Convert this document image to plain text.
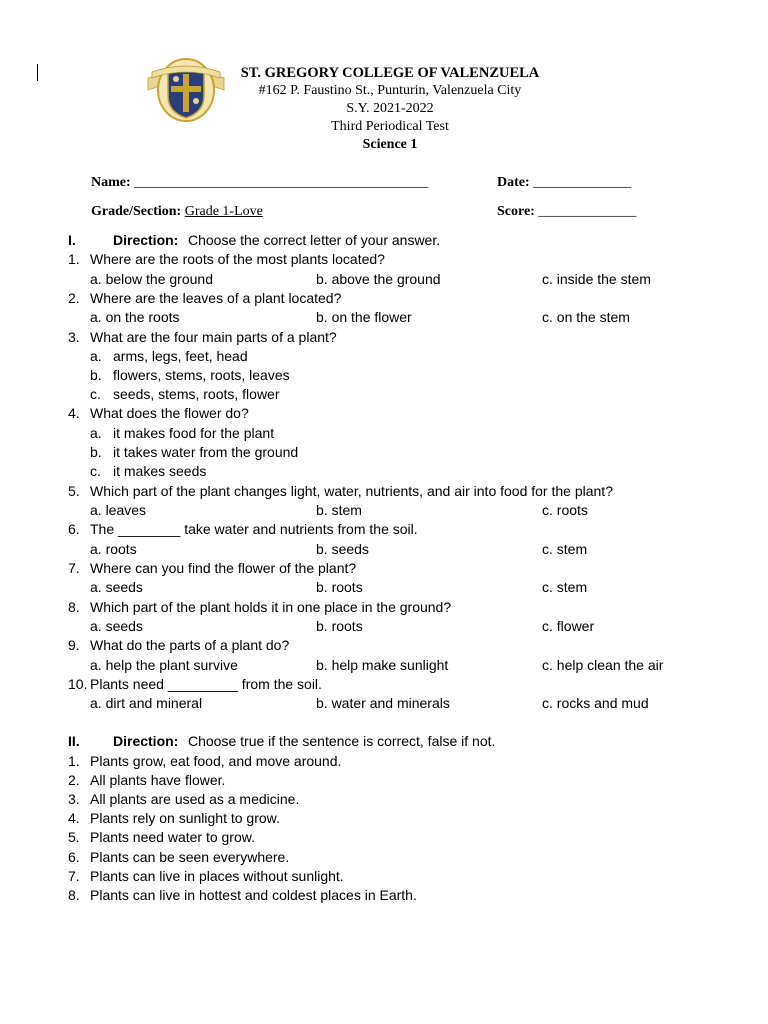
ST. GREGORY COLLEGE OF VALENZUELA
#162 P. Faustino St., Punturin, Valenzuela City
S.Y. 2021-2022
Third Periodical Test
Science 1
Name: __________________________________________	Date: ______________
Grade/Section: Grade 1-Love	Score: ______________
I.	Direction: Choose the correct letter of your answer.
1. Where are the roots of the most plants located?
a. below the ground	b. above the ground	c. inside the stem
2. Where are the leaves of a plant located?
a. on the roots	b. on the flower	c. on the stem
3. What are the four main parts of a plant?
a. arms, legs, feet, head
b. flowers, stems, roots, leaves
c. seeds, stems, roots, flower
4. What does the flower do?
a. it makes food for the plant
b. it takes water from the ground
c. it makes seeds
5. Which part of the plant changes light, water, nutrients, and air into food for the plant?
a. leaves	b. stem	c. roots
6. The ________ take water and nutrients from the soil.
a. roots	b. seeds	c. stem
7. Where can you find the flower of the plant?
a. seeds	b. roots	c. stem
8. Which part of the plant holds it in one place in the ground?
a. seeds	b. roots	c. flower
9. What do the parts of a plant do?
a. help the plant survive	b. help make sunlight	c. help clean the air
10. Plants need _________ from the soil.
a. dirt and mineral	b. water and minerals	c. rocks and mud
II. Direction: Choose true if the sentence is correct, false if not.
1. Plants grow, eat food, and move around.
2. All plants have flower.
3. All plants are used as a medicine.
4. Plants rely on sunlight to grow.
5. Plants need water to grow.
6. Plants can be seen everywhere.
7. Plants can live in places without sunlight.
8. Plants can live in hottest and coldest places in Earth.
